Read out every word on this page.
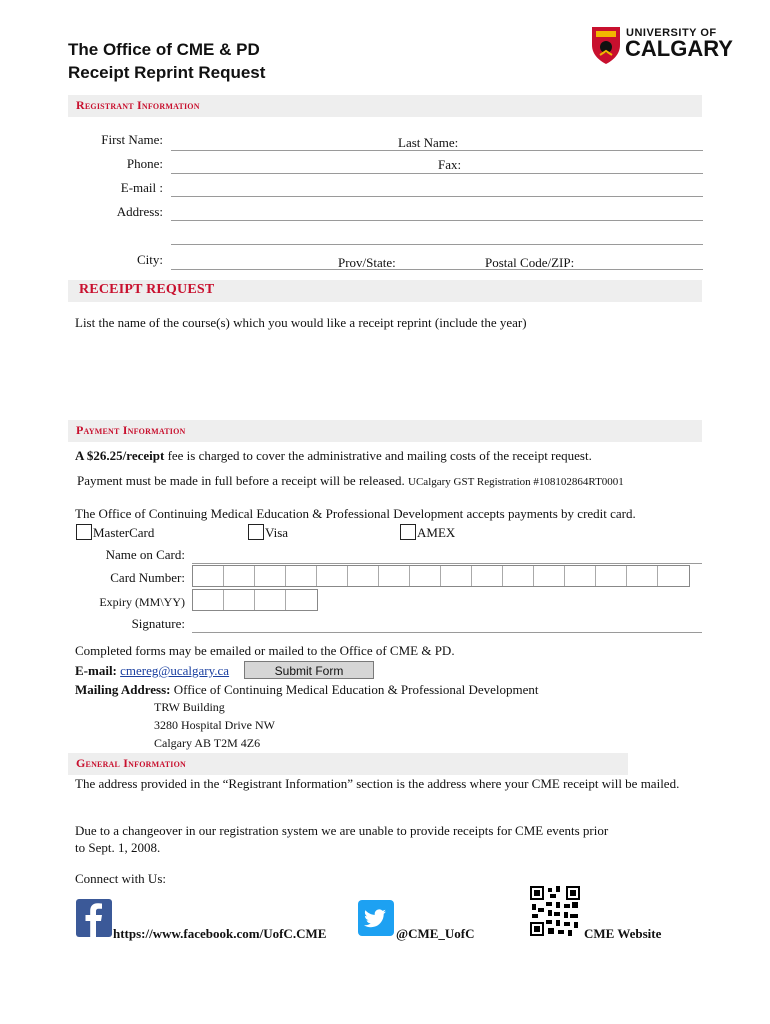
The Office of CME & PD
Receipt Reprint Request
UNIVERSITY OF
CALGARY
Registrant Information
First Name:	Last Name:
Phone:	Fax:
E-mail :
Address:
City:	Prov/State:	Postal Code/ZIP:
RECEIPT REQUEST
List the name of the course(s) which you would like a receipt reprint (include the year)
Payment Information
A $26.25/receipt fee is charged to cover the administrative and mailing costs of the receipt request.
Payment must be made in full before a receipt will be released. UCalgary GST Registration #108102864RT0001
The Office of Continuing Medical Education & Professional Development accepts payments by credit card.
MasterCard	Visa	AMEX
Name on Card:
Card Number:
Expiry (MM\YY)
Signature:
Completed forms may be emailed or mailed to the Office of CME & PD.
E-mail: cmereg@ucalgary.ca	Submit Form
Mailing Address: Office of Continuing Medical Education & Professional Development
TRW Building
3280 Hospital Drive NW
Calgary AB T2M 4Z6
General Information
The address provided in the “Registrant Information” section is the address where your CME receipt will be mailed.
Due to a changeover in our registration system we are unable to provide receipts for CME events prior
to Sept. 1, 2008.
Connect with Us:
https://www.facebook.com/UofC.CME	@CME_UofC	CME Website
